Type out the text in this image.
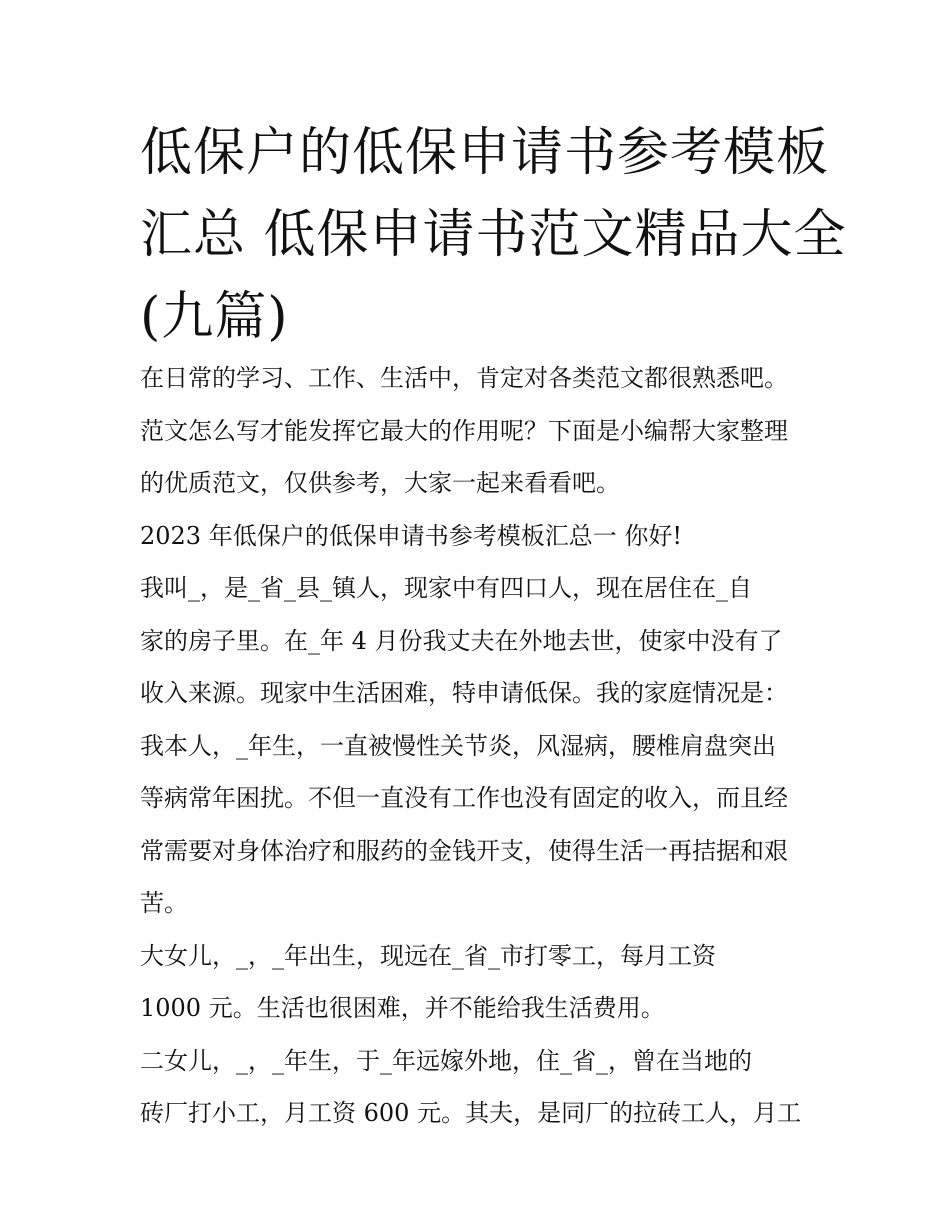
低保户的低保申请书参考模板
汇总 低保申请书范文精品大全
(九篇)
在日常的学习、工作、生活中，肯定对各类范文都很熟悉吧。
范文怎么写才能发挥它最大的作用呢？下面是小编帮大家整理
的优质范文，仅供参考，大家一起来看看吧。
2023 年低保户的低保申请书参考模板汇总一 你好!
我叫_，是_省_县_镇人，现家中有四口人，现在居住在_自
家的房子里。在_年 4 月份我丈夫在外地去世，使家中没有了
收入来源。现家中生活困难，特申请低保。我的家庭情况是：
我本人，_年生，一直被慢性关节炎，风湿病，腰椎肩盘突出
等病常年困扰。不但一直没有工作也没有固定的收入，而且经
常需要对身体治疗和服药的金钱开支，使得生活一再拮据和艰
苦。
大女儿，_，_年出生，现远在_省_市打零工，每月工资
1000 元。生活也很困难，并不能给我生活费用。
二女儿，_，_年生，于_年远嫁外地，住_省_，曾在当地的
砖厂打小工，月工资 600 元。其夫，是同厂的拉砖工人，月工
